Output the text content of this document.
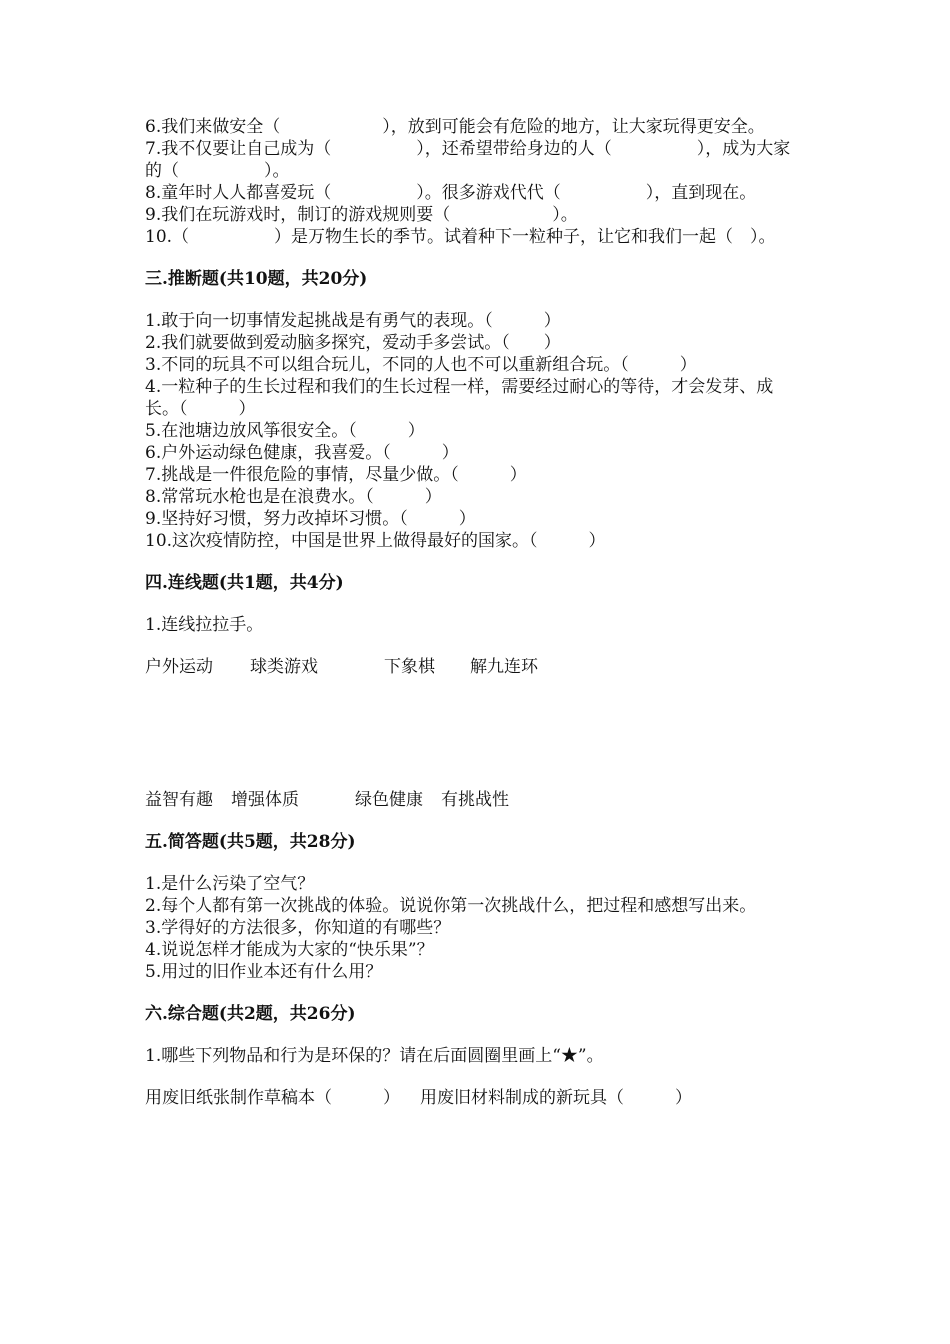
6.我们来做安全（　　　　　　），放到可能会有危险的地方，让大家玩得更安全。
7.我不仅要让自己成为（　　　　　），还希望带给身边的人（　　　　　），成为大家的（　　　　　）。
8.童年时人人都喜爱玩（　　　　　）。很多游戏代代（　　　　　），直到现在。
9.我们在玩游戏时，制订的游戏规则要（　　　　　　）。
10.（　　　　　）是万物生长的季节。试着种下一粒种子，让它和我们一起（　）。
三.推断题(共10题，共20分)
1.敢于向一切事情发起挑战是有勇气的表现。（　　　）
2.我们就要做到爱动脑多探究，爱动手多尝试。（　　）
3.不同的玩具不可以组合玩儿，不同的人也不可以重新组合玩。（　　　）
4.一粒种子的生长过程和我们的生长过程一样，需要经过耐心的等待，才会发芽、成长。（　　　）
5.在池塘边放风筝很安全。（　　　）
6.户外运动绿色健康，我喜爱。（　　　）
7.挑战是一件很危险的事情，尽量少做。（　　　）
8.常常玩水枪也是在浪费水。（　　　）
9.坚持好习惯，努力改掉坏习惯。（　　　）
10.这次疫情防控，中国是世界上做得最好的国家。（　　　）
四.连线题(共1题，共4分)
1.连线拉拉手。
户外运动 球类游戏	下象棋 解九连环
益智有趣 增强体质	绿色健康 有挑战性
五.简答题(共5题，共28分)
1.是什么污染了空气？
2.每个人都有第一次挑战的体验。说说你第一次挑战什么，把过程和感想写出来。
3.学得好的方法很多，你知道的有哪些？
4.说说怎样才能成为大家的“快乐果”？
5.用过的旧作业本还有什么用？
六.综合题(共2题，共26分)
1.哪些下列物品和行为是环保的？请在后面圆圈里画上“★”。
用废旧纸张制作草稿本（　　　） 用废旧材料制成的新玩具（　　　）
